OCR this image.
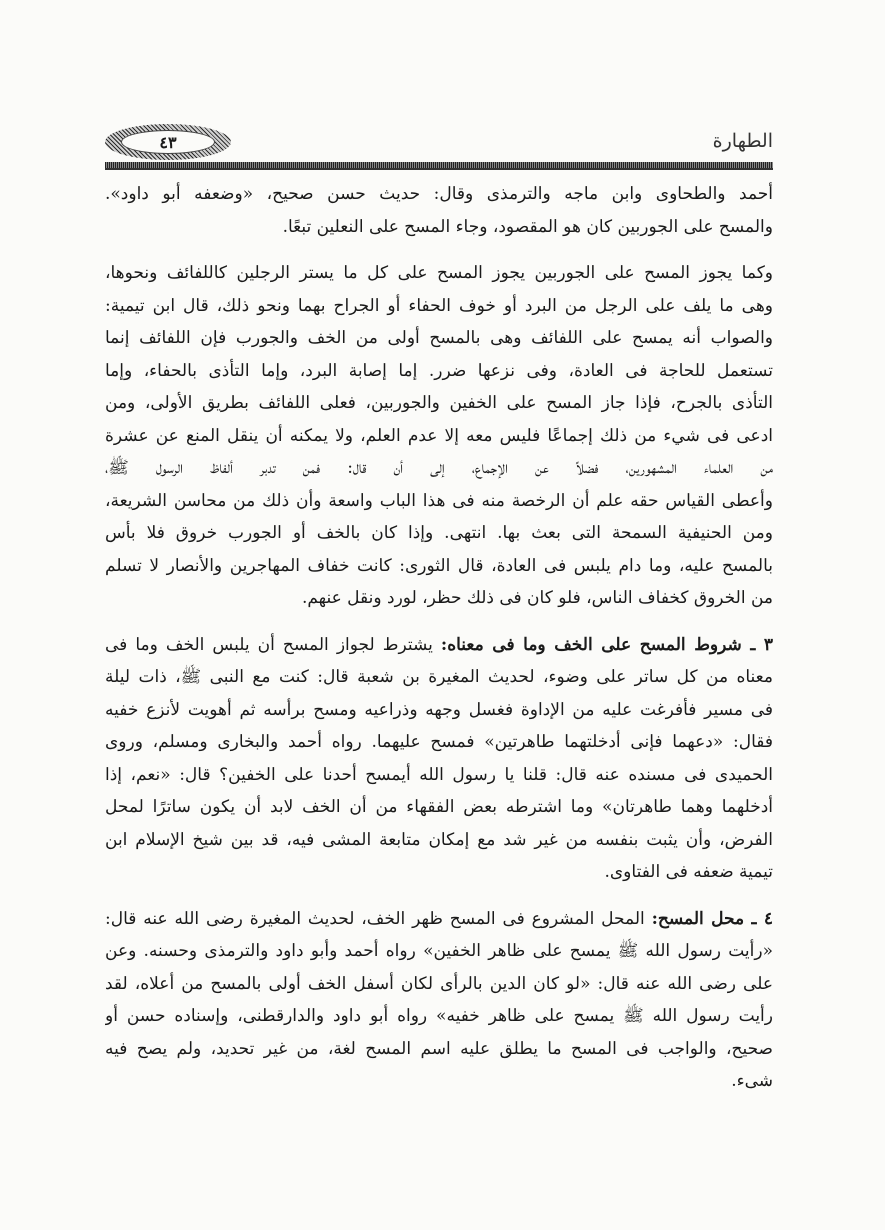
٤٣	الطهارة
أحمد والطحاوى وابن ماجه والترمذى وقال: حديث حسن صحيح، «وضعفه أبو داود».
والمسح على الجوربين كان هو المقصود، وجاء المسح على النعلين تبعًا.
وكما يجوز المسح على الجوربين يجوز المسح على كل ما يستر الرجلين كاللفائف ونحوها،
وهى ما يلف على الرجل من البرد أو خوف الحفاء أو الجراح بهما ونحو ذلك، قال ابن تيمية:
والصواب أنه يمسح على اللفائف وهى بالمسح أولى من الخف والجورب فإن اللفائف إنما
تستعمل للحاجة فى العادة، وفى نزعها ضرر. إما إصابة البرد، وإما التأذى بالحفاء، وإما
التأذى بالجرح، فإذا جاز المسح على الخفين والجوربين، فعلى اللفائف بطريق الأولى، ومن
ادعى فى شيء من ذلك إجماعًا فليس معه إلا عدم العلم، ولا يمكنه أن ينقل المنع عن عشرة
من العلماء المشهورين، فضلاً عن الإجماع، إلى أن قال: فمن تدبر ألفاظ الرسول ﷺ،
وأعطى القياس حقه علم أن الرخصة منه فى هذا الباب واسعة وأن ذلك من محاسن الشريعة،
ومن الحنيفية السمحة التى بعث بها. انتهى. وإذا كان بالخف أو الجورب خروق فلا بأس
بالمسح عليه، وما دام يلبس فى العادة، قال الثورى: كانت خفاف المهاجرين والأنصار لا تسلم
من الخروق كخفاف الناس، فلو كان فى ذلك حظر، لورد ونقل عنهم.
٣ ـ شروط المسح على الخف وما فى معناه: يشترط لجواز المسح أن يلبس الخف وما فى
معناه من كل ساتر على وضوء، لحديث المغيرة بن شعبة قال: كنت مع النبى ﷺ، ذات ليلة
فى مسير فأفرغت عليه من الإداوة فغسل وجهه وذراعيه ومسح برأسه ثم أهويت لأنزع خفيه
فقال: «دعهما فإنى أدخلتهما طاهرتين» فمسح عليهما. رواه أحمد والبخارى ومسلم، وروى
الحميدى فى مسنده عنه قال: قلنا يا رسول الله أيمسح أحدنا على الخفين؟ قال: «نعم، إذا
أدخلهما وهما طاهرتان» وما اشترطه بعض الفقهاء من أن الخف لابد أن يكون ساترًا لمحل
الفرض، وأن يثبت بنفسه من غير شد مع إمكان متابعة المشى فيه، قد بين شيخ الإسلام ابن
تيمية ضعفه فى الفتاوى.
٤ ـ محل المسح: المحل المشروع فى المسح ظهر الخف، لحديث المغيرة رضى الله عنه قال:
«رأيت رسول الله ﷺ يمسح على ظاهر الخفين» رواه أحمد وأبو داود والترمذى وحسنه. وعن
على رضى الله عنه قال: «لو كان الدين بالرأى لكان أسفل الخف أولى بالمسح من أعلاه، لقد
رأيت رسول الله ﷺ يمسح على ظاهر خفيه» رواه أبو داود والدارقطنى، وإسناده حسن أو
صحيح، والواجب فى المسح ما يطلق عليه اسم المسح لغة، من غير تحديد، ولم يصح فيه
شىء.
